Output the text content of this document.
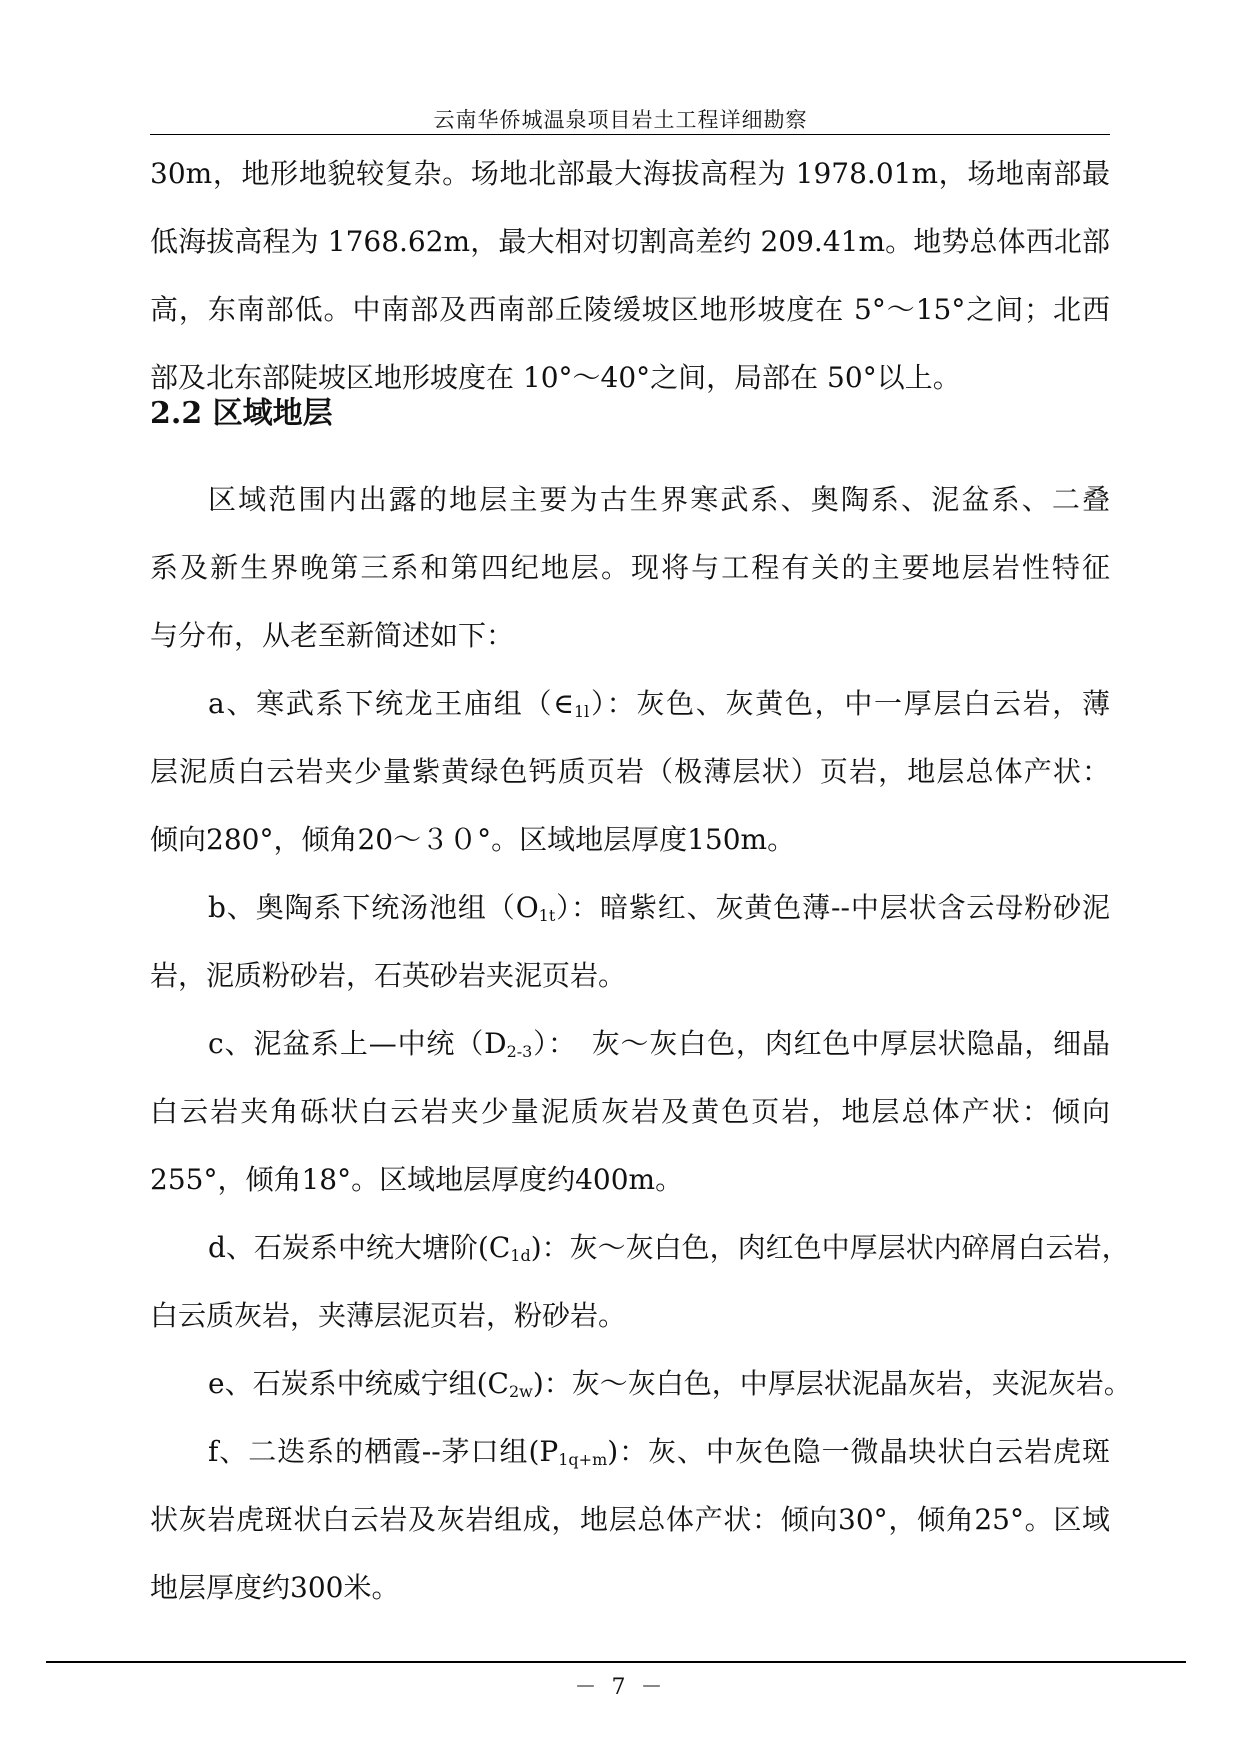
云南华侨城温泉项目岩土工程详细勘察
30m，地形地貌较复杂。场地北部最大海拔高程为 1978.01m，场地南部最
低海拔高程为 1768.62m，最大相对切割高差约 209.41m。地势总体西北部
高，东南部低。中南部及西南部丘陵缓坡区地形坡度在 5°～15°之间；北西
部及北东部陡坡区地形坡度在 10°～40°之间，局部在 50°以上。
2.2 区域地层
区域范围内出露的地层主要为古生界寒武系、奥陶系、泥盆系、二叠
系及新生界晚第三系和第四纪地层。现将与工程有关的主要地层岩性特征
与分布，从老至新简述如下：
a、寒武系下统龙王庙组$(\in_{1l})$：灰色、灰黄色，中一厚层白云岩，薄
层泥质白云岩夹少量紫黄绿色钙质页岩（极薄层状）页岩，地层总体产状：
倾向280°，倾角20～３０°。区域地层厚度150m。
b、奥陶系下统汤池组$(O_{1t})$：暗紫红、灰黄色薄--中层状含云母粉砂泥
岩，泥质粉砂岩，石英砂岩夹泥页岩。
c、泥盆系上—中统$(D_{2-3})$：　灰～灰白色，肉红色中厚层状隐晶，细晶
白云岩夹角砾状白云岩夹少量泥质灰岩及黄色页岩，地层总体产状：倾向
255°，倾角18°。区域地层厚度约400m。
d、石炭系中统大塘阶$(C_{1d})$：灰～灰白色，肉红色中厚层状内碎屑白云岩，
白云质灰岩，夹薄层泥页岩，粉砂岩。
e、石炭系中统威宁组$(C_{2w})$：灰～灰白色，中厚层状泥晶灰岩，夹泥灰岩。
f、二迭系的栖霞--茅口组$(P_{1q+m})$：灰、中灰色隐一微晶块状白云岩虎斑
状灰岩虎斑状白云岩及灰岩组成，地层总体产状：倾向30°，倾角25°。区域
地层厚度约300米。
－ 7 －
